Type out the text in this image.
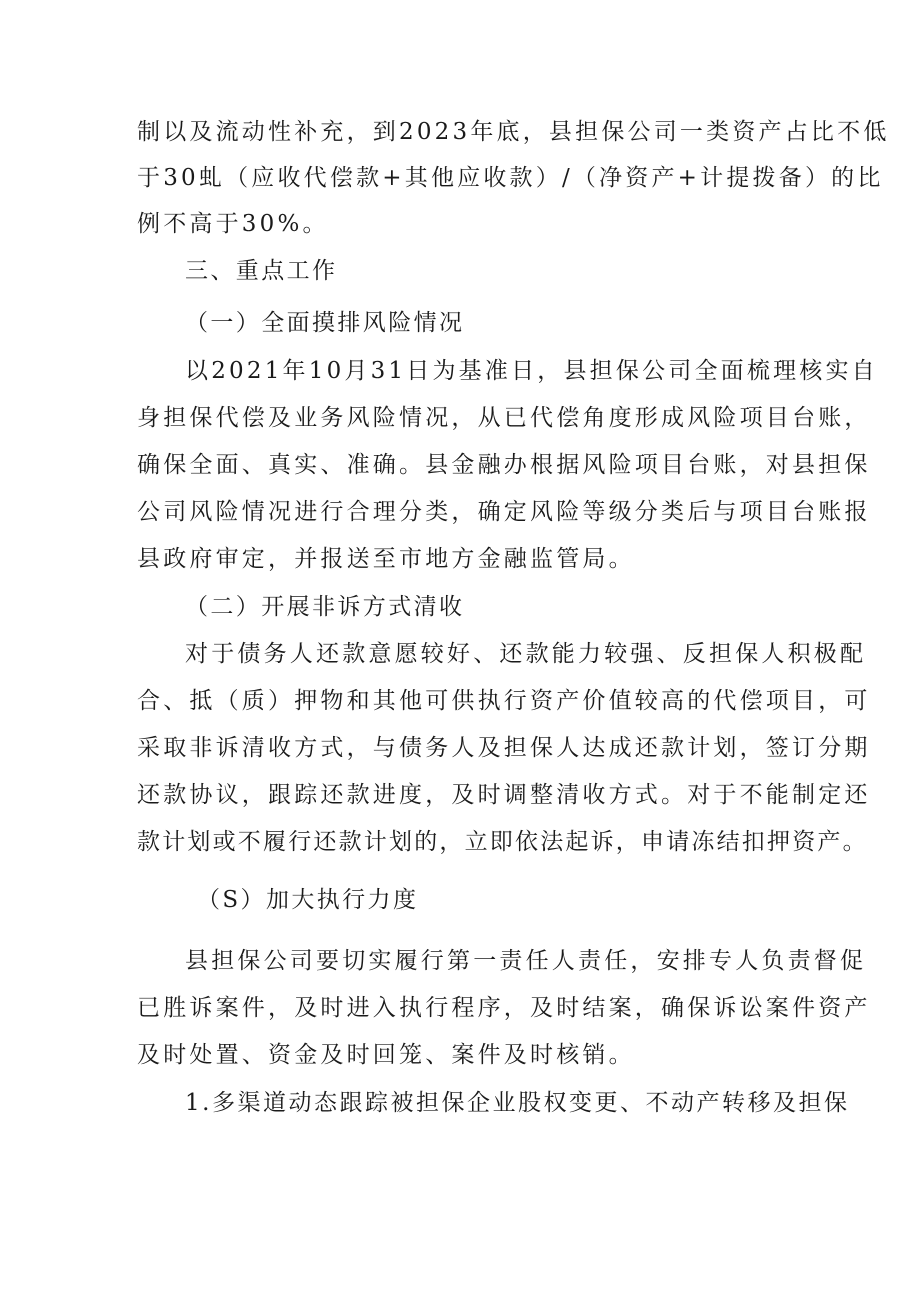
制以及流动性补充，到2023年底，县担保公司一类资产占比不低
于30虬（应收代偿款+其他应收款）/（净资产+计提拨备）的比
例不高于30%。
三、重点工作
（一）全面摸排风险情况
以2021年10月31日为基准日，县担保公司全面梳理核实自
身担保代偿及业务风险情况，从已代偿角度形成风险项目台账，
确保全面、真实、准确。县金融办根据风险项目台账，对县担保
公司风险情况进行合理分类，确定风险等级分类后与项目台账报
县政府审定，并报送至市地方金融监管局。
（二）开展非诉方式清收
对于债务人还款意愿较好、还款能力较强、反担保人积极配
合、抵（质）押物和其他可供执行资产价值较高的代偿项目，可
采取非诉清收方式，与债务人及担保人达成还款计划，签订分期
还款协议，跟踪还款进度，及时调整清收方式。对于不能制定还
款计划或不履行还款计划的，立即依法起诉，申请冻结扣押资产。
（S）加大执行力度
县担保公司要切实履行第一责任人责任，安排专人负责督促
已胜诉案件，及时进入执行程序，及时结案，确保诉讼案件资产
及时处置、资金及时回笼、案件及时核销。
1.多渠道动态跟踪被担保企业股权变更、不动产转移及担保
